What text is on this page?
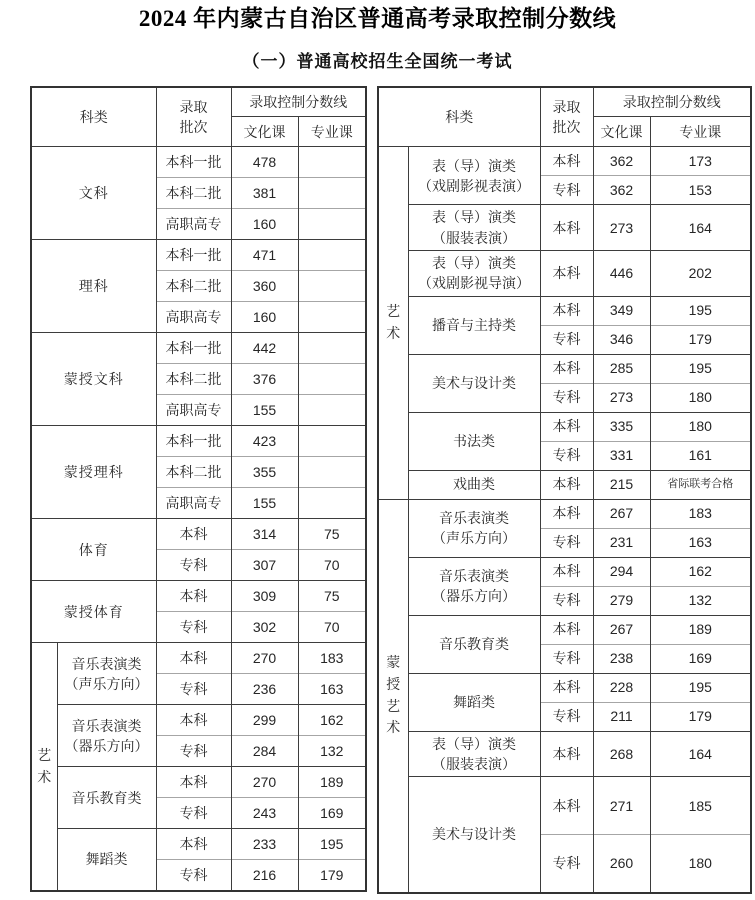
2024 年内蒙古自治区普通高考录取控制分数线
（一）普通高校招生全国统一考试
科类		录取
批次	录取控制分数线	
			文化课	专业课
文科		本科一批	478	
		本科二批	381	
		高职高专	160	
理科		本科一批	471	
		本科二批	360	
		高职高专	160	
蒙授文科		本科一批	442	
		本科二批	376	
		高职高专	155	
蒙授理科		本科一批	423	
		本科二批	355	
		高职高专	155	
体育		本科	314	75
		专科	307	70
蒙授体育		本科	309	75
		专科	302	70
艺
术	音乐表演类
（声乐方向）	本科	270	183
		专科	236	163
	音乐表演类
（器乐方向）	本科	299	162
		专科	284	132
	音乐教育类	本科	270	189
		专科	243	169
	舞蹈类	本科	233	195
		专科	216	179
科类		录取
批次	录取控制分数线	
			文化课	专业课
艺
术	表（导）演类
（戏剧影视表演）	本科	362	173
		专科	362	153
	表（导）演类
（服装表演）	本科	273	164
	表（导）演类
（戏剧影视导演）	本科	446	202
	播音与主持类	本科	349	195
		专科	346	179
	美术与设计类	本科	285	195
		专科	273	180
	书法类	本科	335	180
		专科	331	161
	戏曲类	本科	215	省际联考合格
蒙
授
艺
术	音乐表演类
（声乐方向）	本科	267	183
		专科	231	163
	音乐表演类
（器乐方向）	本科	294	162
		专科	279	132
	音乐教育类	本科	267	189
		专科	238	169
	舞蹈类	本科	228	195
		专科	211	179
	表（导）演类
（服装表演）	本科	268	164
	美术与设计类	本科	271	185
		专科	260	180
